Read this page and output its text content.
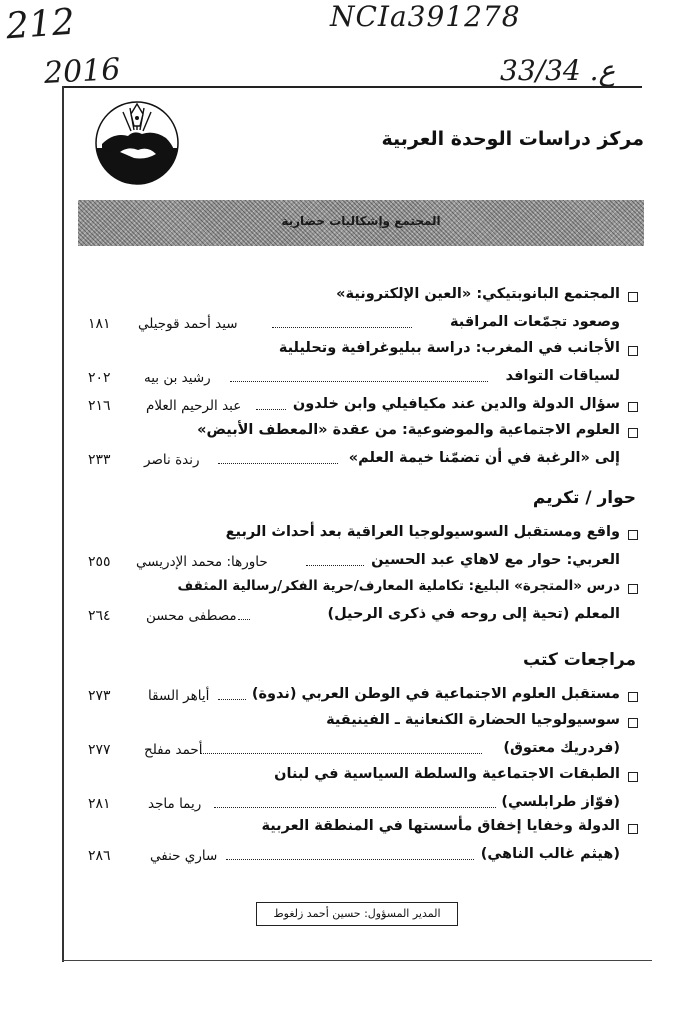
212	NCIa391278
2016	ع. 33/34
مركز دراسات الوحدة العربية
المجتمع وإشكاليات حضارية
المجتمع البانوبتيكي: «العين الإلكترونية»
وصعود تجمّعات المراقبة
سيد أحمد قوجيلي
١٨١
الأجانب في المغرب: دراسة ببليوغرافية وتحليلية
لسياقات التوافد
رشيد بن بيه
٢٠٢
سؤال الدولة والدين عند مكيافيلي وابن خلدون
عبد الرحيم العلام
٢١٦
العلوم الاجتماعية والموضوعية: من عقدة «المعطف الأبيض»
إلى «الرغبة في أن تضمّنا خيمة العلم»
رندة ناصر
٢٣٣
حوار / تكريم
واقع ومستقبل السوسيولوجيا العراقية بعد أحداث الربيع
العربي: حوار مع لاهاي عبد الحسين
حاورها: محمد الإدريسي
٢٥٥
درس «المتجرة» البليغ: تكاملية المعارف/حرية الفكر/رسالية المثقف
المعلم (تحية إلى روحه في ذكرى الرحيل)
مصطفى محسن
٢٦٤
مراجعات كتب
مستقبل العلوم الاجتماعية في الوطن العربي (ندوة)
أياهر السقا
٢٧٣
سوسيولوجيا الحضارة الكنعانية ـ الفينيقية
(فردريك معتوق)
أحمد مفلح
٢٧٧
الطبقات الاجتماعية والسلطة السياسية في لبنان
(فوّاز طرابلسي)
ريما ماجد
٢٨١
الدولة وخفايا إخفاق مأسستها في المنطقة العربية
(هيثم غالب الناهي)
ساري حنفي
٢٨٦
المدير المسؤول: حسين أحمد زلغوط
